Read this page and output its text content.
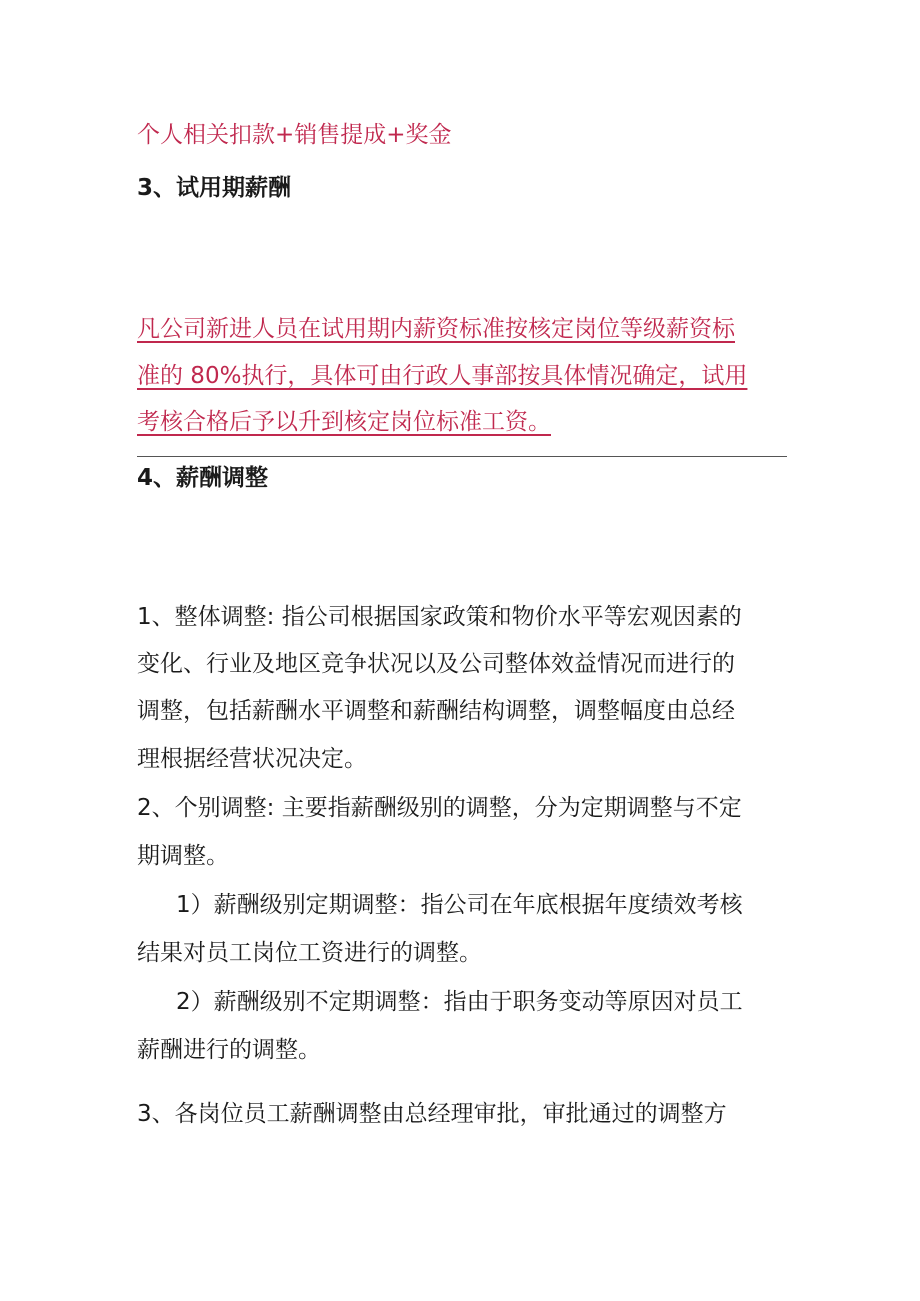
个人相关扣款+销售提成+奖金
3、试用期薪酬
凡公司新进人员在试用期内薪资标准按核定岗位等级薪资标
准的 80%执行，具体可由行政人事部按具体情况确定，试用
考核合格后予以升到核定岗位标准工资。
4、薪酬调整
1、整体调整: 指公司根据国家政策和物价水平等宏观因素的
变化、行业及地区竞争状况以及公司整体效益情况而进行的
调整，包括薪酬水平调整和薪酬结构调整，调整幅度由总经
理根据经营状况决定。
2、个别调整: 主要指薪酬级别的调整，分为定期调整与不定
期调整。
1）薪酬级别定期调整：指公司在年底根据年度绩效考核
结果对员工岗位工资进行的调整。
2）薪酬级别不定期调整：指由于职务变动等原因对员工
薪酬进行的调整。
3、各岗位员工薪酬调整由总经理审批，审批通过的调整方
